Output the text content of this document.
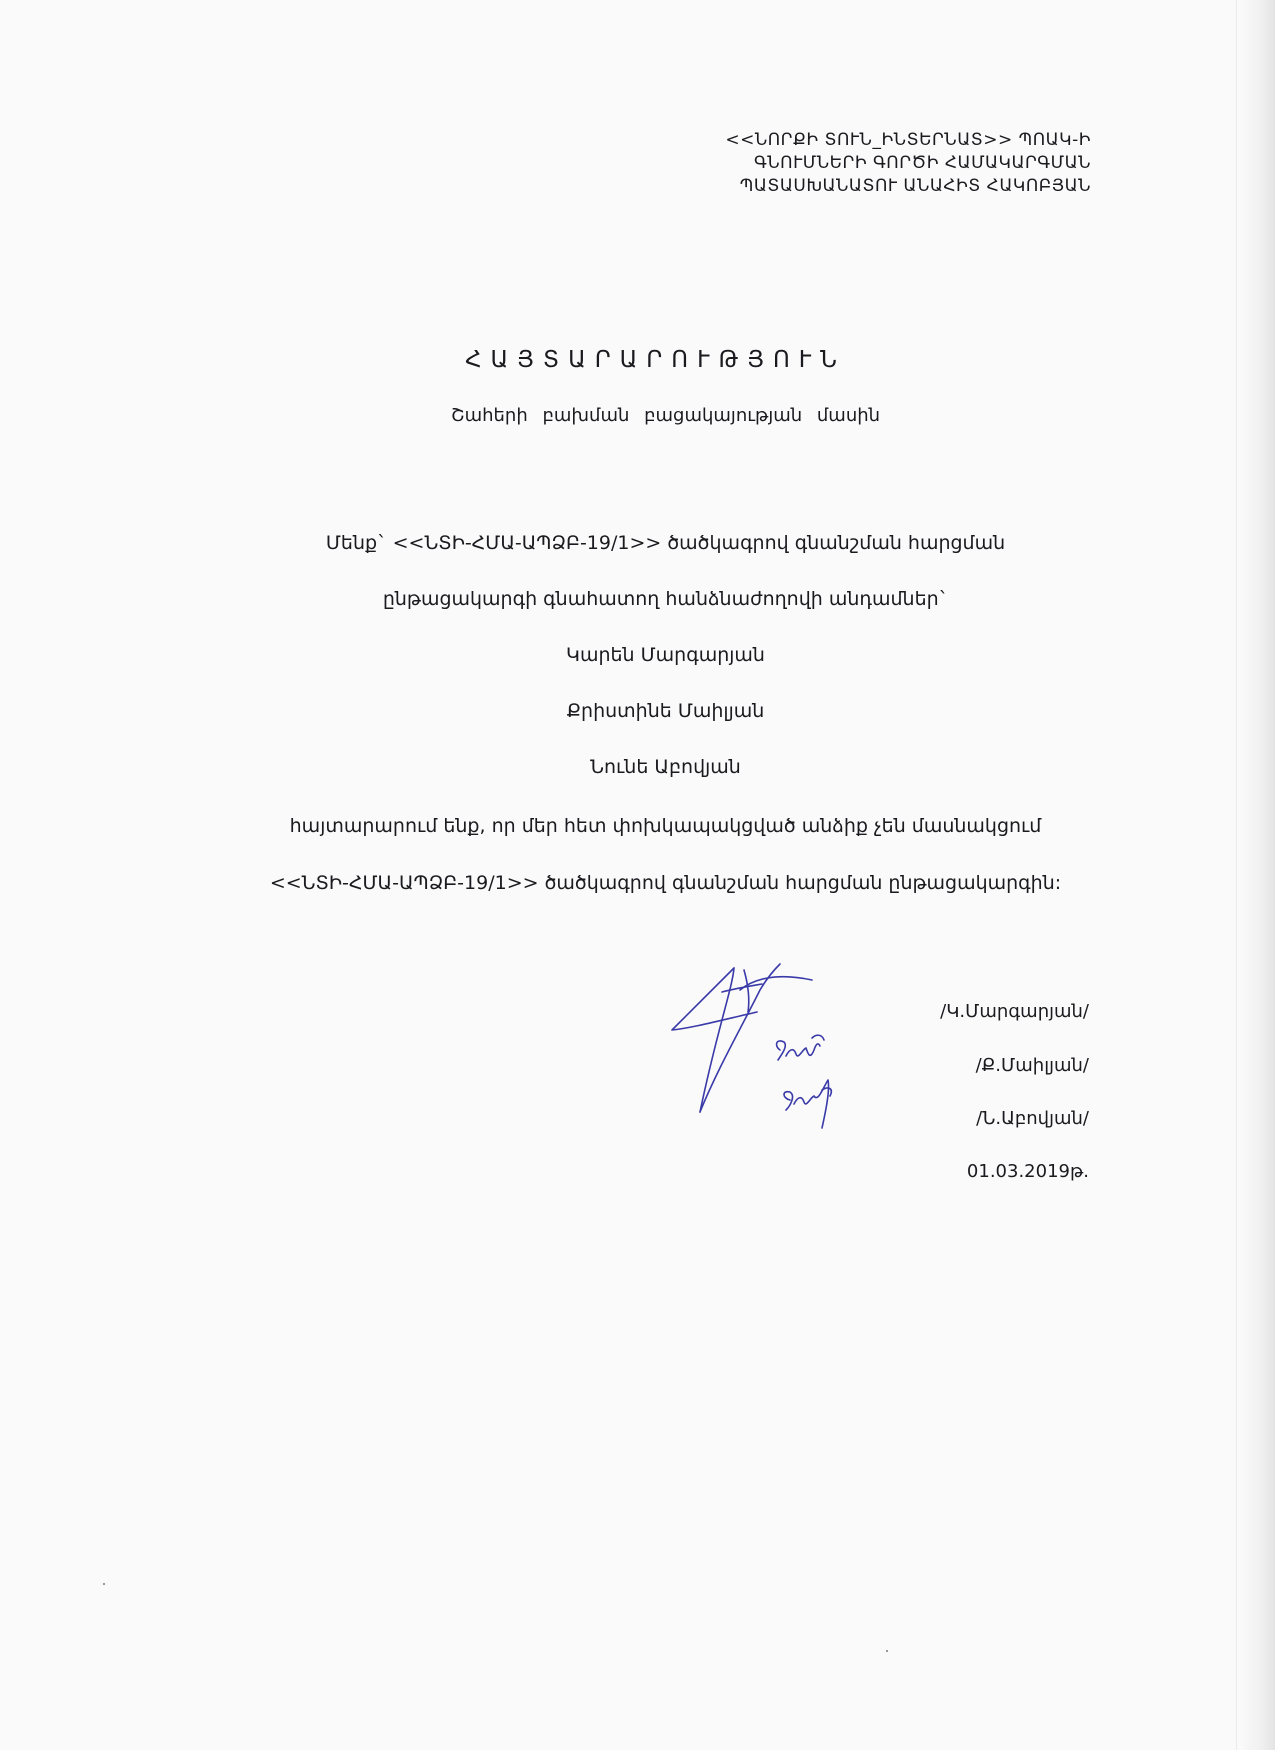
<<ՆՈՐՔԻ ՏՈՒՆ_ԻՆՏԵՐՆԱՏ>> ՊՈԱԿ-Ի
ԳՆՈՒՄՆԵՐԻ ԳՈՐԾԻ ՀԱՄԱԿԱՐԳՄԱՆ
ՊԱՏԱՍԽԱՆԱՏՈՒ ԱՆԱՀԻՏ ՀԱԿՈԲՅԱՆ
ՀԱՅՏԱՐԱՐՈՒԹՅՈՒՆ
Շահերի բախման բացակայության մասին
Մենք` <<ՆՏԻ-ՀՄԱ-ԱՊՁԲ-19/1>> ծածկագրով գնանշման հարցման
ընթացակարգի գնահատող հանձնաժողովի անդամներ`
Կարեն Մարգարյան
Քրիստինե Մաիլյան
Նունե Աբովյան
հայտարարում ենք, որ մեր հետ փոխկապակցված անձիք չեն մասնակցում
<<ՆՏԻ-ՀՄԱ-ԱՊՁԲ-19/1>> ծածկագրով գնանշման հարցման ընթացակարգին:
/Կ.Մարգարյան/
/Ք.Մաիլյան/
/Ն.Աբովյան/
01.03.2019թ.
